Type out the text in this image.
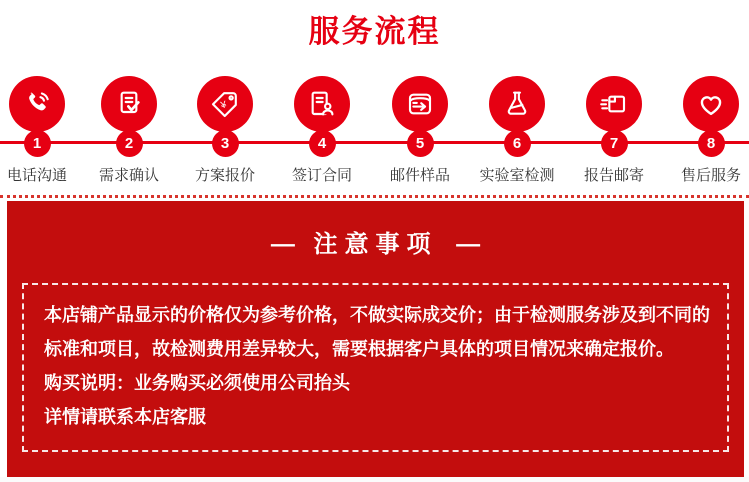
服务流程
1
电话沟通
2
需求确认
¥
3
方案报价
4
签订合同
5
邮件样品
6
实验室检测
7
报告邮寄
8
售后服务
— 注意事项 —
本店铺产品显示的价格仅为参考价格，不做实际成交价；由于检测服务涉及到不同的
标准和项目，故检测费用差异较大，需要根据客户具体的项目情况来确定报价。
购买说明：业务购买必须使用公司抬头
详情请联系本店客服
